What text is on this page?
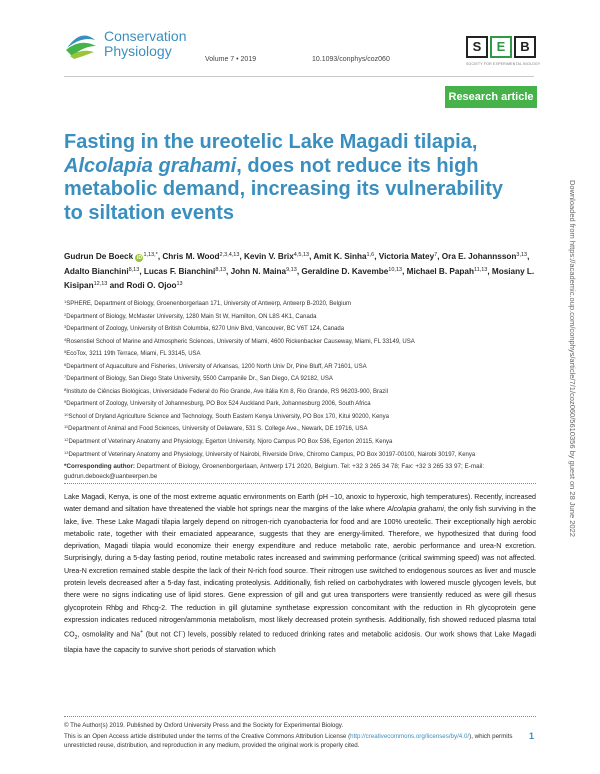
Conservation
Physiology
Volume 7 • 2019	10.1093/conphys/coz060
S E B
SOCIETY FOR EXPERIMENTAL BIOLOGY
Research article
Fasting in the ureotelic Lake Magadi tilapia,
Alcolapia grahami, does not reduce its high metabolic demand, increasing its vulnerability to siltation events	Downloaded from https://academic.oup.com/conphys/article/7/1/coz060/5610356 by guest on 28 June 2022
Gudrun De Boeck iD $^{1,13,*}$, Chris M. Wood$^{2,3,4,13}$, Kevin V. Brix$^{4,5,13}$, Amit K. Sinha$^{1,6}$, Victoria Matey$^7$, Ora E. Johannsson$^{3,13}$, Adalto Bianchini$^{8,13}$, Lucas F. Bianchini$^{8,13}$, John N. Maina$^{9,13}$, Geraldine D. Kavembe$^{10,13}$, Michael B. Papah$^{11,13}$, Mosiany L. Kisipan$^{12,13}$ and Rodi O. Ojoo$^{13}$
$^1$SPHERE, Department of Biology, Groenenborgerlaan 171, University of Antwerp, Antwerp B-2020, Belgium
$^2$Department of Biology, McMaster University, 1280 Main St W, Hamilton, ON L8S 4K1, Canada
$^3$Department of Zoology, University of British Columbia, 6270 Univ Blvd, Vancouver, BC V6T 1Z4, Canada
$^4$Rosenstiel School of Marine and Atmospheric Sciences, University of Miami, 4600 Rickenbacker Causeway, Miami, FL 33149, USA
$^5$EcoTox, 3211 19th Terrace, Miami, FL 33145, USA
$^6$Department of Aquaculture and Fisheries, University of Arkansas, 1200 North Univ Dr, Pine Bluff, AR 71601, USA
$^7$Department of Biology, San Diego State University, 5500 Campanile Dr., San Diego, CA 92182, USA
$^8$Instituto de Ciências Biológicas, Universidade Federal do Rio Grande, Ave Itália Km 8, Rio Grande, RS 96203-900, Brazil
$^9$Department of Zoology, University of Johannesburg, PO Box 524 Auckland Park, Johannesburg 2006, South Africa
$^{10}$School of Dryland Agriculture Science and Technology, South Eastern Kenya University, PO Box 170, Kitui 90200, Kenya
$^{11}$Department of Animal and Food Sciences, University of Delaware, 531 S. College Ave., Newark, DE 19716, USA
$^{12}$Department of Veterinary Anatomy and Physiology, Egerton University, Njoro Campus PO Box 536, Egerton 20115, Kenya
$^{13}$Department of Veterinary Anatomy and Physiology, University of Nairobi, Riverside Drive, Chiromo Campus, PO Box 30197-00100, Nairobi 30197, Kenya
*Corresponding author: Department of Biology, Groenenborgerlaan, Antwerp 171 2020, Belgium. Tel: +32 3 265 34 78; Fax: +32 3 265 33 97; E-mail: gudrun.deboeck@uantwerpen.be
Lake Magadi, Kenya, is one of the most extreme aquatic environments on Earth (pH ~10, anoxic to hyperoxic, high temperatures). Recently, increased water demand and siltation have threatened the viable hot springs near the margins of the lake where Alcolapia grahami, the only fish surviving in the lake, live. These Lake Magadi tilapia largely depend on nitrogen-rich cyanobacteria for food and are 100% ureotelic. Their exceptionally high aerobic metabolic rate, together with their emaciated appearance, suggests that they are energy-limited. Therefore, we hypothesized that during food deprivation, Magadi tilapia would economize their energy expenditure and reduce metabolic rate, aerobic performance and urea-N excretion. Surprisingly, during a 5-day fasting period, routine metabolic rates increased and swimming performance (critical swimming speed) was not affected. Urea-N excretion remained stable despite the lack of their N-rich food source. Their nitrogen use switched to endogenous sources as liver and muscle protein levels decreased after a 5-day fast, indicating proteolysis. Additionally, fish relied on carbohydrates with lowered muscle glycogen levels, but there were no signs indicating use of lipid stores. Gene expression of gill and gut urea transporters were transiently reduced as were gill rhesus glycoprotein Rhbg and Rhcg-2. The reduction in gill glutamine synthetase expression concomitant with the reduction in Rh glycoprotein gene expression indicates reduced nitrogen/ammonia metabolism, most likely decreased protein synthesis. Additionally, fish showed reduced plasma total $CO_2$, osmolality and Na+ (but not Cl−) levels, possibly related to reduced drinking rates and metabolic acidosis. Our work shows that Lake Magadi tilapia have the capacity to survive short periods of starvation which
© The Author(s) 2019. Published by Oxford University Press and the Society for Experimental Biology.
This is an Open Access article distributed under the terms of the Creative Commons Attribution License (http://creativecommons.org/licenses/by/4.0/), which permits unrestricted reuse, distribution, and reproduction in any medium, provided the original work is properly cited.
1
